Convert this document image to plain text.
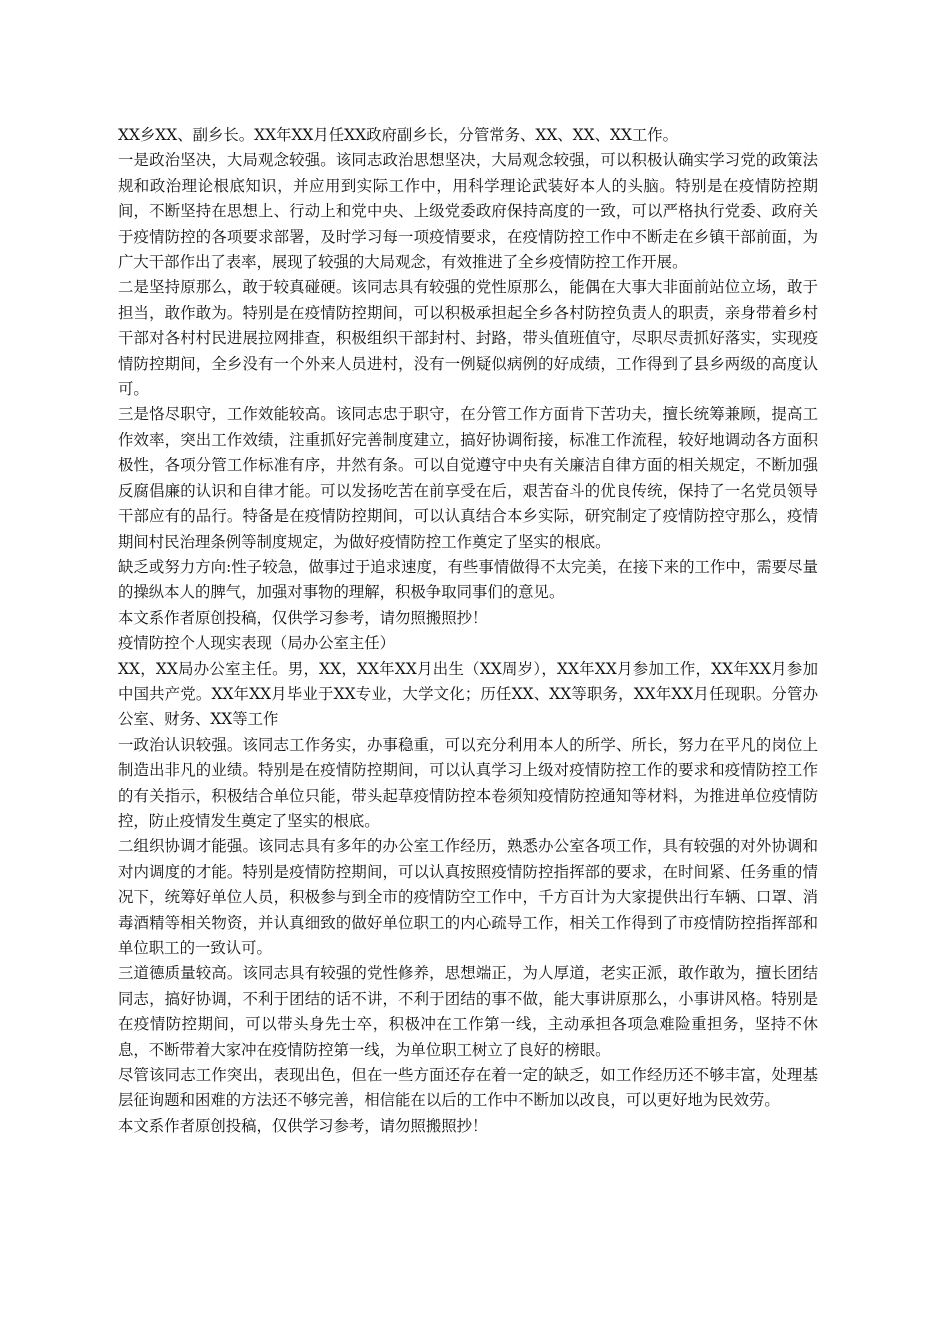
XX乡XX、副乡长。XX年XX月任XX政府副乡长，分管常务、XX、XX、XX工作。

一是政治坚决，大局观念较强。该同志政治思想坚决，大局观念较强，可以积极认确实学习党的政策法规和政治理论根底知识，并应用到实际工作中，用科学理论武装好本人的头脑。特别是在疫情防控期间，不断坚持在思想上、行动上和党中央、上级党委政府保持高度的一致，可以严格执行党委、政府关于疫情防控的各项要求部署，及时学习每一项疫情要求，在疫情防控工作中不断走在乡镇干部前面，为广大干部作出了表率，展现了较强的大局观念，有效推进了全乡疫情防控工作开展。

二是坚持原那么，敢于较真碰硬。该同志具有较强的党性原那么，能偶在大事大非面前站位立场，敢于担当，敢作敢为。特别是在疫情防控期间，可以积极承担起全乡各村防控负责人的职责，亲身带着乡村干部对各村村民进展拉网排查，积极组织干部封村、封路，带头值班值守，尽职尽责抓好落实，实现疫情防控期间，全乡没有一个外来人员进村，没有一例疑似病例的好成绩，工作得到了县乡两级的高度认可。

三是恪尽职守，工作效能较高。该同志忠于职守，在分管工作方面肯下苦功夫，擅长统筹兼顾，提高工作效率，突出工作效绩，注重抓好完善制度建立，搞好协调衔接，标准工作流程，较好地调动各方面积极性，各项分管工作标准有序，井然有条。可以自觉遵守中央有关廉洁自律方面的相关规定，不断加强反腐倡廉的认识和自律才能。可以发扬吃苦在前享受在后，艰苦奋斗的优良传统，保持了一名党员领导干部应有的品行。特备是在疫情防控期间，可以认真结合本乡实际，研究制定了疫情防控守那么，疫情期间村民治理条例等制度规定，为做好疫情防控工作奠定了坚实的根底。

缺乏或努力方向:性子较急，做事过于追求速度，有些事情做得不太完美，在接下来的工作中，需要尽量的操纵本人的脾气，加强对事物的理解，积极争取同事们的意见。

本文系作者原创投稿，仅供学习参考，请勿照搬照抄！

疫情防控个人现实表现（局办公室主任）

XX，XX局办公室主任。男，XX，XX年XX月出生（XX周岁），XX年XX月参加工作，XX年XX月参加中国共产党。XX年XX月毕业于XX专业，大学文化；历任XX、XX等职务，XX年XX月任现职。分管办公室、财务、XX等工作

一政治认识较强。该同志工作务实，办事稳重，可以充分利用本人的所学、所长，努力在平凡的岗位上制造出非凡的业绩。特别是在疫情防控期间，可以认真学习上级对疫情防控工作的要求和疫情防控工作的有关指示，积极结合单位只能，带头起草疫情防控本卷须知疫情防控通知等材料，为推进单位疫情防控，防止疫情发生奠定了坚实的根底。

二组织协调才能强。该同志具有多年的办公室工作经历，熟悉办公室各项工作，具有较强的对外协调和对内调度的才能。特别是疫情防控期间，可以认真按照疫情防控指挥部的要求，在时间紧、任务重的情况下，统筹好单位人员，积极参与到全市的疫情防空工作中，千方百计为大家提供出行车辆、口罩、消毒酒精等相关物资，并认真细致的做好单位职工的内心疏导工作，相关工作得到了市疫情防控指挥部和单位职工的一致认可。

三道德质量较高。该同志具有较强的党性修养，思想端正，为人厚道，老实正派，敢作敢为，擅长团结同志，搞好协调，不利于团结的话不讲，不利于团结的事不做，能大事讲原那么，小事讲风格。特别是在疫情防控期间，可以带头身先士卒，积极冲在工作第一线，主动承担各项急难险重担务，坚持不休息，不断带着大家冲在疫情防控第一线，为单位职工树立了良好的榜眼。

尽管该同志工作突出，表现出色，但在一些方面还存在着一定的缺乏，如工作经历还不够丰富，处理基层征询题和困难的方法还不够完善，相信能在以后的工作中不断加以改良，可以更好地为民效劳。

本文系作者原创投稿，仅供学习参考，请勿照搬照抄！
